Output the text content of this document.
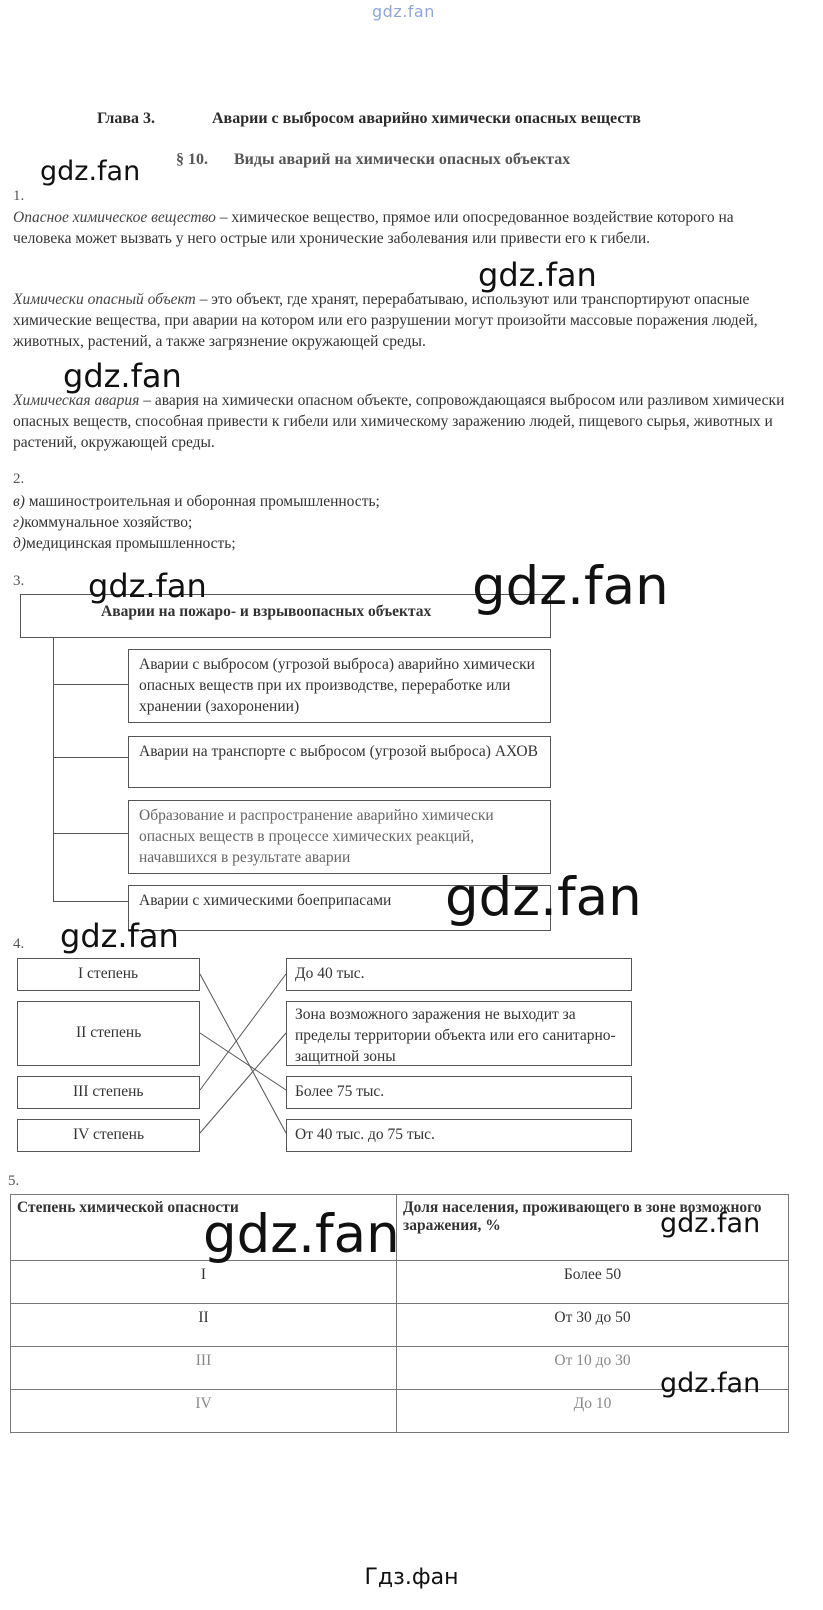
gdz.fan
Глава 3.	Аварии с выбросом аварийно химически опасных веществ
§ 10. Виды аварий на химически опасных объектах
1.
Опасное химическое вещество – химическое вещество, прямое или опосредованное воздействие которого на человека может вызвать у него острые или хронические заболевания или привести его к гибели.
Химически опасный объект – это объект, где хранят, перерабатываю, используют или транспортируют опасные химические вещества, при аварии на котором или его разрушении могут произойти массовые поражения людей, животных, растений, а также загрязнение окружающей среды.
Химическая авария – авария на химически опасном объекте, сопровождающаяся выбросом или разливом химически опасных веществ, способная привести к гибели или химическому заражению людей, пищевого сырья, животных и растений, окружающей среды.
2.
в) машиностроительная и оборонная промышленность;
г)коммунальное хозяйство;
д)медицинская промышленность;
3.
Аварии на пожаро- и взрывоопасных объектах
Аварии с выбросом (угрозой выброса) аварийно химически опасных веществ при их производстве, переработке или хранении (захоронении)
Аварии на транспорте с выбросом (угрозой выброса) АХОВ
Образование и распространение аварийно химически опасных веществ в процессе химических реакций, начавшихся в результате аварии
Аварии с химическими боеприпасами
4.
I степень
II степень
III степень
IV степень
До 40 тыс.
Зона возможного заражения не выходит за пределы территории объекта или его санитарно-защитной зоны
Более 75 тыс.
От 40 тыс. до 75 тыс.
5.
Степень химической опасности	Доля населения, проживающего в зоне возможного заражения, %
I	Более 50
II	От 30 до 50
III	От 10 до 30
IV	До 10
gdz.fan
gdz.fan
gdz.fan
gdz.fan	gdz.fan
gdz.fan
gdz.fan
gdz.fan	gdz.fan
gdz.fan
Гдз.фан
